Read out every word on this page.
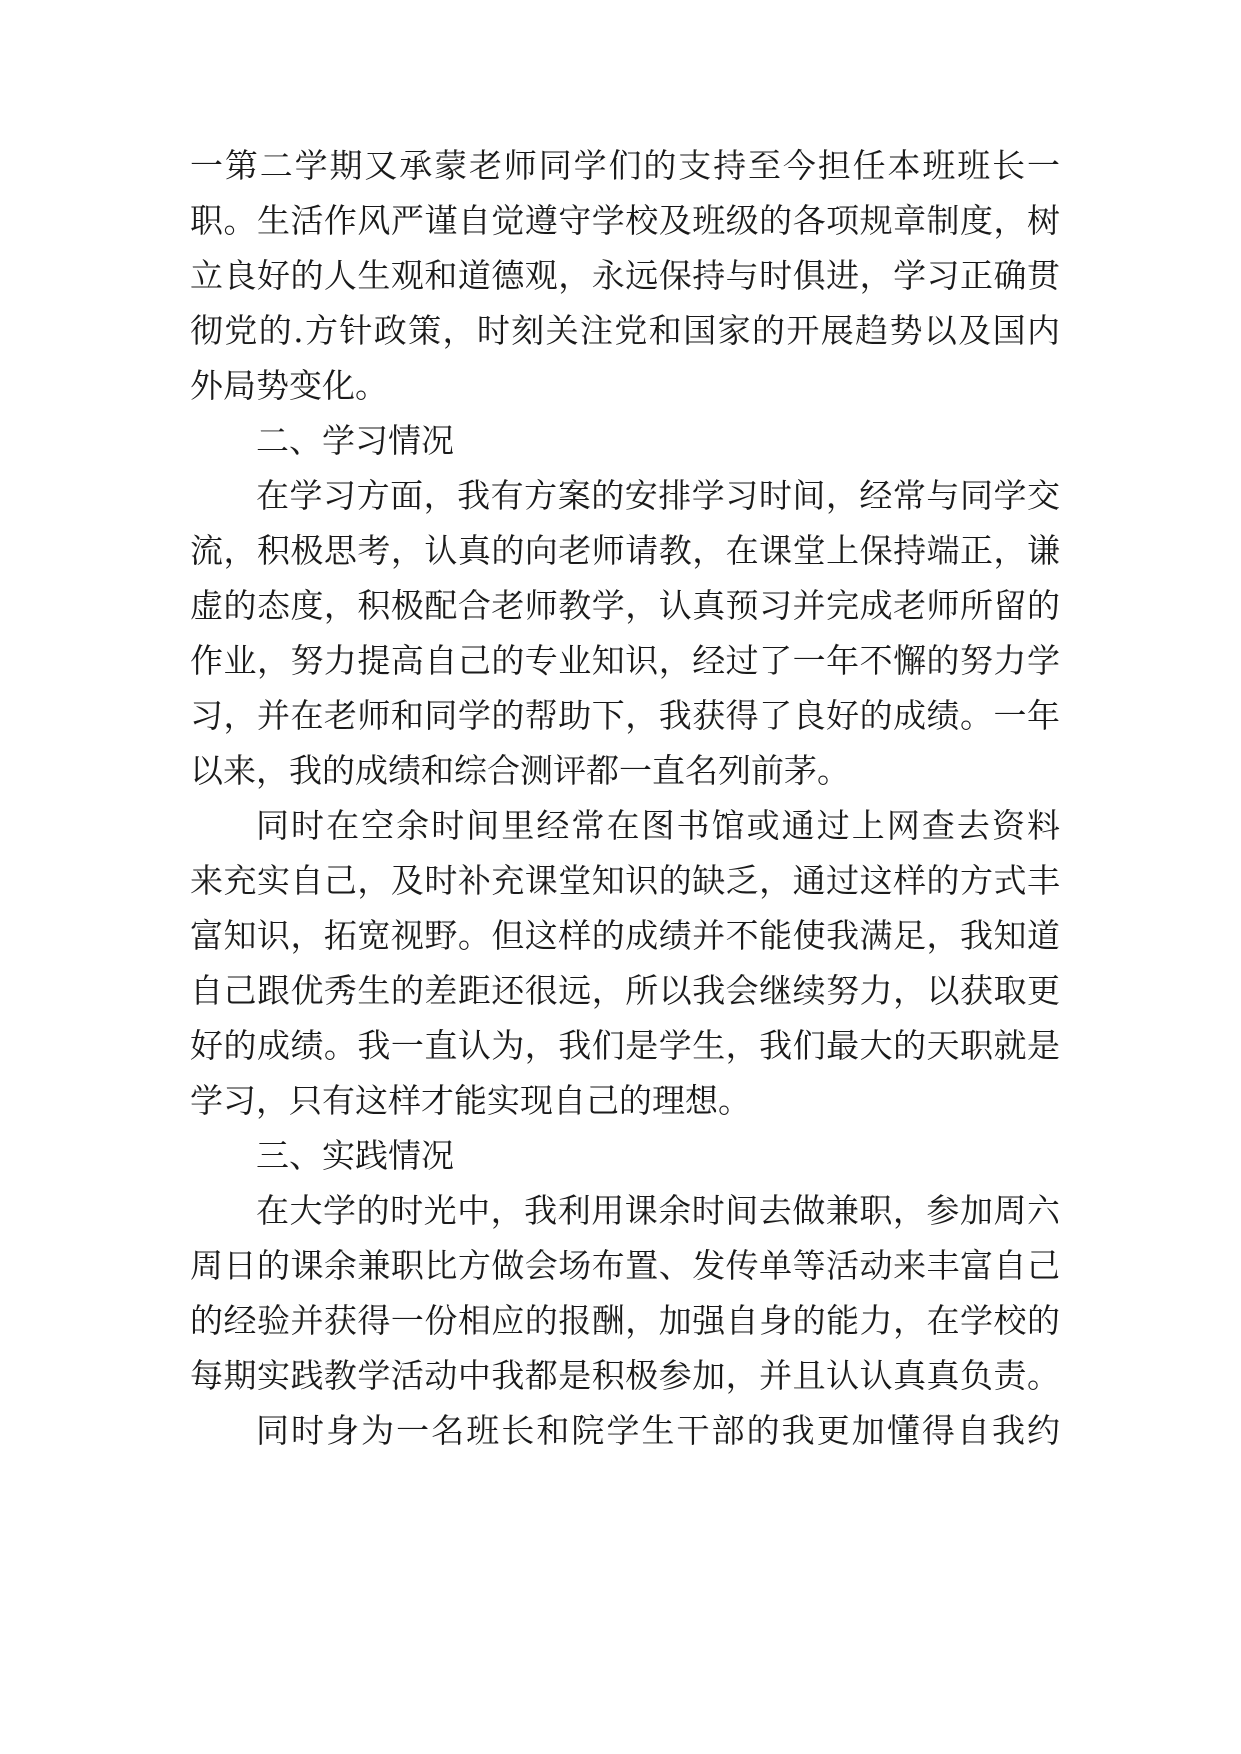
一第二学期又承蒙老师同学们的支持至今担任本班班长一
职。生活作风严谨自觉遵守学校及班级的各项规章制度，树
立良好的人生观和道德观，永远保持与时俱进，学习正确贯
彻党的.方针政策，时刻关注党和国家的开展趋势以及国内
外局势变化。
二、学习情况
在学习方面，我有方案的安排学习时间，经常与同学交
流，积极思考，认真的向老师请教，在课堂上保持端正，谦
虚的态度，积极配合老师教学，认真预习并完成老师所留的
作业，努力提高自己的专业知识，经过了一年不懈的努力学
习，并在老师和同学的帮助下，我获得了良好的成绩。一年
以来，我的成绩和综合测评都一直名列前茅。
同时在空余时间里经常在图书馆或通过上网查去资料
来充实自己，及时补充课堂知识的缺乏，通过这样的方式丰
富知识，拓宽视野。但这样的成绩并不能使我满足，我知道
自己跟优秀生的差距还很远，所以我会继续努力，以获取更
好的成绩。我一直认为，我们是学生，我们最大的天职就是
学习，只有这样才能实现自己的理想。
三、实践情况
在大学的时光中，我利用课余时间去做兼职，参加周六
周日的课余兼职比方做会场布置、发传单等活动来丰富自己
的经验并获得一份相应的报酬，加强自身的能力，在学校的
每期实践教学活动中我都是积极参加，并且认认真真负责。
同时身为一名班长和院学生干部的我更加懂得自我约
